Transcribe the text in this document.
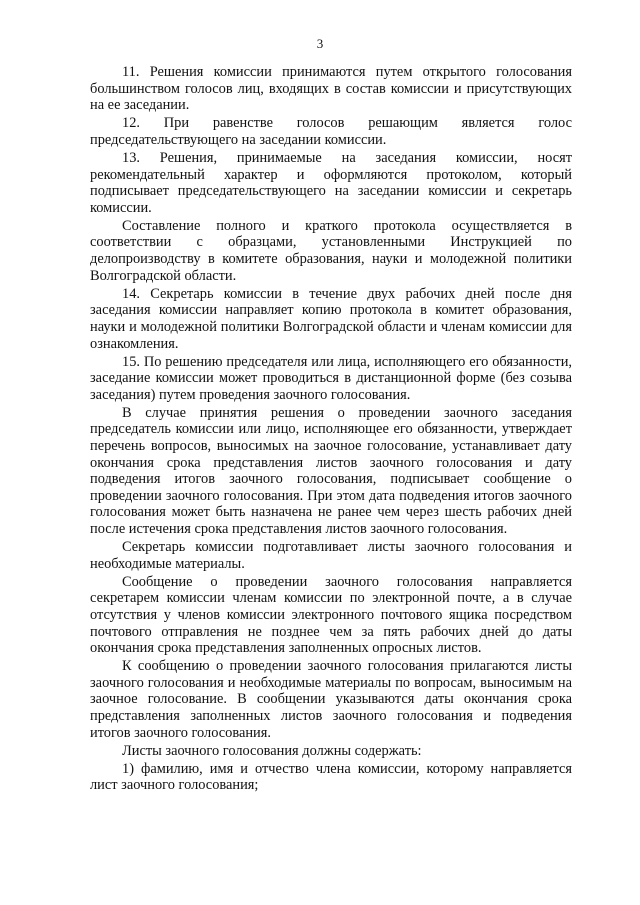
3

11. Решения комиссии принимаются путем открытого голосования большинством голосов лиц, входящих в состав комиссии и присутствующих на ее заседании.

12. При равенстве голосов решающим является голос председательствующего на заседании комиссии.

13. Решения, принимаемые на заседания комиссии, носят рекомендательный характер и оформляются протоколом, который подписывает председательствующего на заседании комиссии и секретарь комиссии.

Составление полного и краткого протокола осуществляется в соответствии с образцами, установленными Инструкцией по делопроизводству в комитете образования, науки и молодежной политики Волгоградской области.

14. Секретарь комиссии в течение двух рабочих дней после дня заседания комиссии направляет копию протокола в комитет образования, науки и молодежной политики Волгоградской области и членам комиссии для ознакомления.

15. По решению председателя или лица, исполняющего его обязанности, заседание комиссии может проводиться в дистанционной форме (без созыва заседания) путем проведения заочного голосования.

В случае принятия решения о проведении заочного заседания председатель комиссии или лицо, исполняющее его обязанности, утверждает перечень вопросов, выносимых на заочное голосование, устанавливает дату окончания срока представления листов заочного голосования и дату подведения итогов заочного голосования, подписывает сообщение о проведении заочного голосования. При этом дата подведения итогов заочного голосования может быть назначена не ранее чем через шесть рабочих дней после истечения срока представления листов заочного голосования.

Секретарь комиссии подготавливает листы заочного голосования и необходимые материалы.

Сообщение о проведении заочного голосования направляется секретарем комиссии членам комиссии по электронной почте, а в случае отсутствия у членов комиссии электронного почтового ящика посредством почтового отправления не позднее чем за пять рабочих дней до даты окончания срока представления заполненных опросных листов.

К сообщению о проведении заочного голосования прилагаются листы заочного голосования и необходимые материалы по вопросам, выносимым на заочное голосование. В сообщении указываются даты окончания срока представления заполненных листов заочного голосования и подведения итогов заочного голосования.

Листы заочного голосования должны содержать:

1) фамилию, имя и отчество члена комиссии, которому направляется лист заочного голосования;
